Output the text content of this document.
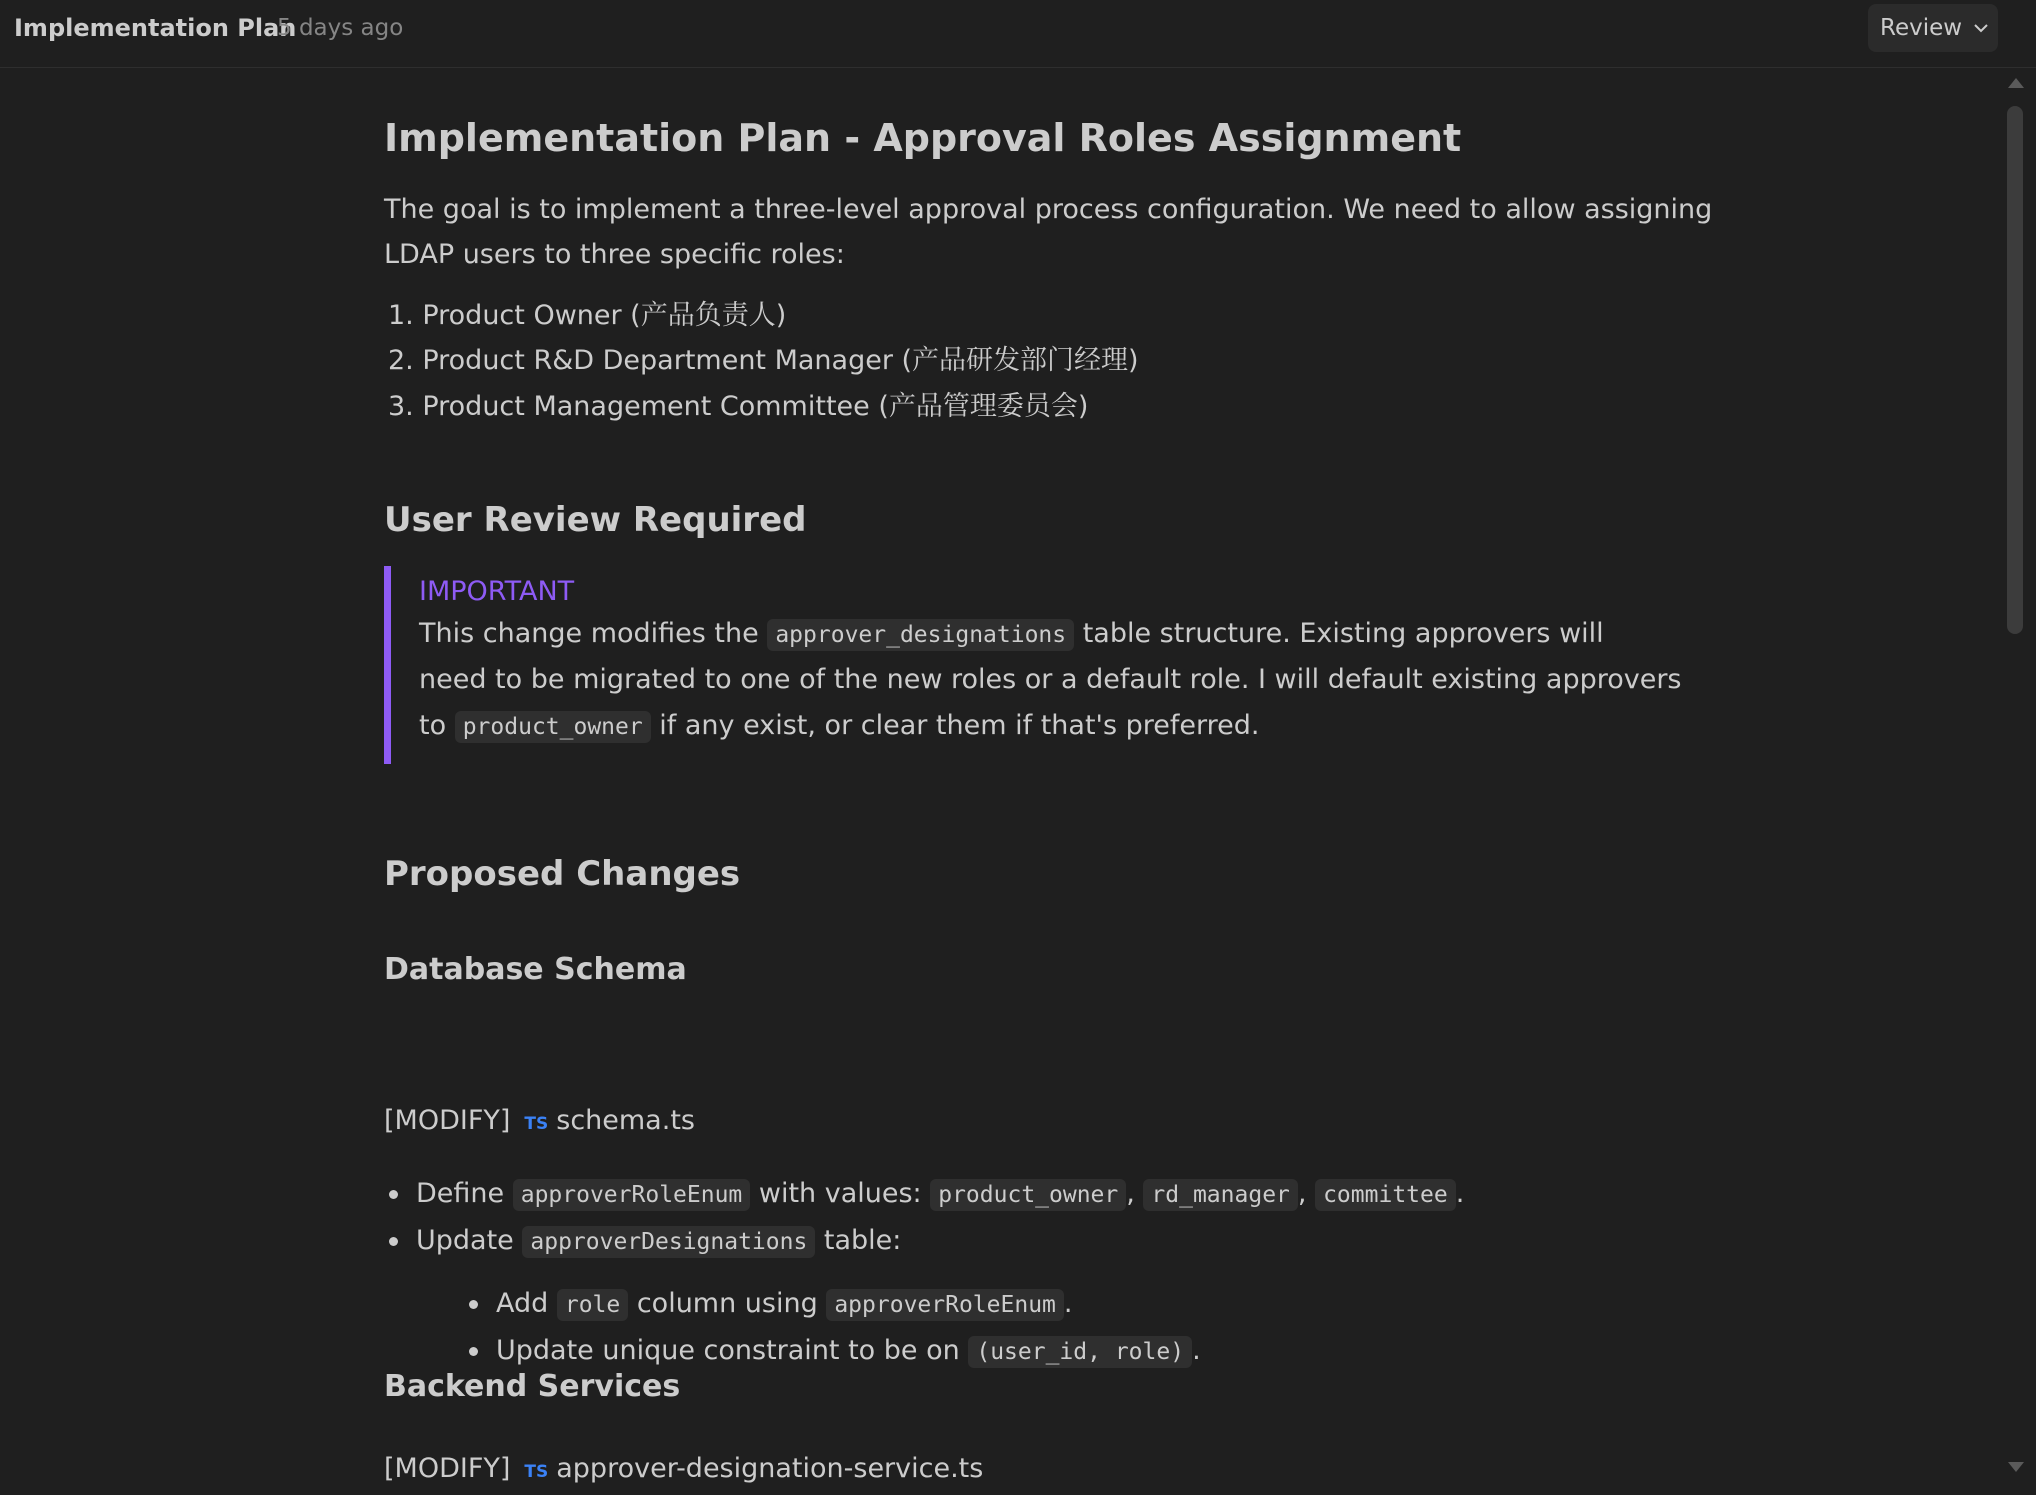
Implementation Plan
5 days ago	Review
Implementation Plan - Approval Roles Assignment
The goal is to implement a three-level approval process configuration. We need to allow assigning
LDAP users to three specific roles:
1. Product Owner (产品负责人)
2. Product R&D Department Manager (产品研发部门经理)
3. Product Management Committee (产品管理委员会)
User Review Required
IMPORTANT
This change modifies the approver_designations table structure. Existing approvers will
need to be migrated to one of the new roles or a default role. I will default existing approvers
to product_owner if any exist, or clear them if that's preferred.
Proposed Changes
Database Schema
[MODIFY] TS schema.ts
Define approverRoleEnum with values: product_owner , rd_manager , committee .
Update approverDesignations table:
Add role column using approverRoleEnum .
Update unique constraint to be on (user_id, role) .
Backend Services
[MODIFY] TS approver-designation-service.ts
